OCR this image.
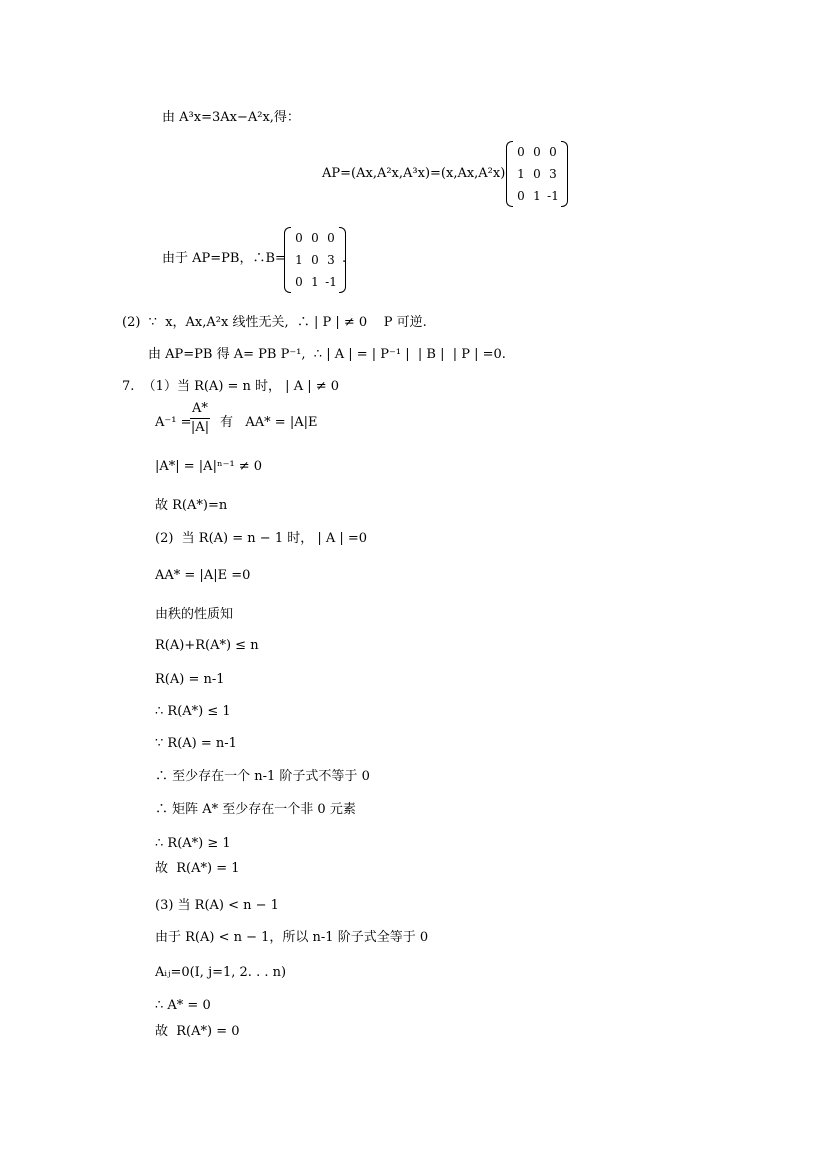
由 A³x=3Ax−A²x,得：
AP=(Ax,A²x,A³x)=(x,Ax,A²x)
0 0 0
1 0 3
0 1 -1
由于 AP=PB，∴B=
0 0 0
1 0 3
0 1 -1
.
(2)  ∵  x，Ax,A²x 线性无关,  ∴ | P | ≠ 0    P 可逆.
由 AP=PB 得 A= PB P⁻¹,  ∴ | A | = | P⁻¹ |  | B |  | P | =0.
7.  （1）当 R(A) = n 时， | A | ≠ 0
A⁻¹ =
A*
|A| 有   AA* = |A|E
|A*| = |A|ⁿ⁻¹ ≠ 0
故 R(A*)=n
(2)  当 R(A) = n − 1 时， | A | =0
AA* = |A|E =0
由秩的性质知
R(A)+R(A*) ≤ n
R(A) = n-1
∴ R(A*) ≤ 1
∵ R(A) = n-1
∴ 至少存在一个 n-1 阶子式不等于 0
∴ 矩阵 A* 至少存在一个非 0 元素
∴ R(A*) ≥ 1
故  R(A*) = 1
(3) 当 R(A) < n − 1
由于 R(A) < n − 1，所以 n-1 阶子式全等于 0
Aᵢⱼ=0(I, j=1, 2. . . n)
∴ A* = 0
故  R(A*) = 0
